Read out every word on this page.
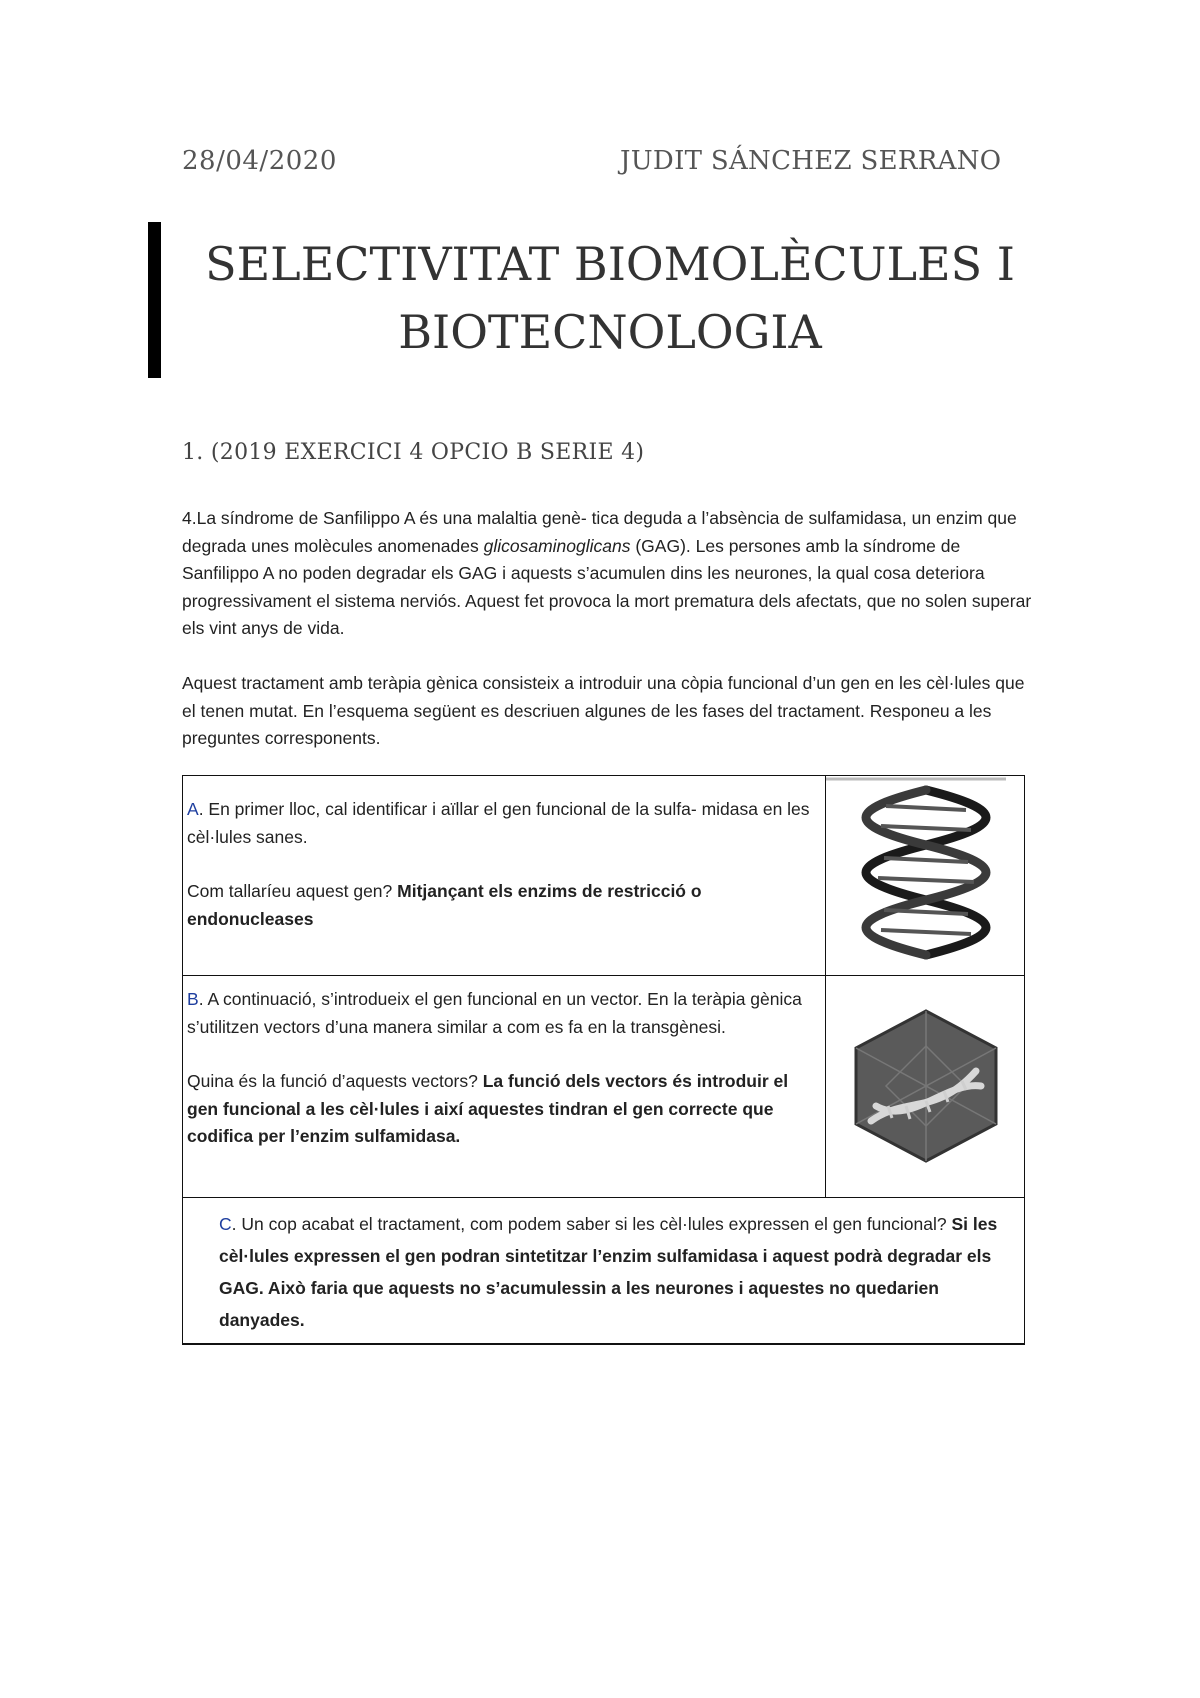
28/04/2020	JUDIT SÁNCHEZ SERRANO
SELECTIVITAT BIOMOLÈCULES I
BIOTECNOLOGIA
1. (2019 EXERCICI 4 OPCIO B SERIE 4)

4.La síndrome de Sanfilippo A és una malaltia genè- tica deguda a l’absència de sulfamidasa, un enzim que degrada unes molècules anomenades glicosaminoglicans (GAG). Les persones amb la síndrome de Sanfilippo A no poden degradar els GAG i aquests s’acumulen dins les neurones, la qual cosa deteriora progressivament el sistema nerviós. Aquest fet provoca la mort prematura dels afectats, que no solen superar els vint anys de vida.

Aquest tractament amb teràpia gènica consisteix a introduir una còpia funcional d’un gen en les cèl·lules que el tenen mutat. En l’esquema següent es descriuen algunes de les fases del tractament. Responeu a les preguntes corresponents.

A. En primer lloc, cal identificar i aïllar el gen funcional de la sulfa- midasa en les cèl·lules sanes.
Com tallaríeu aquest gen? Mitjançant els enzims de restricció o endonucleases
B. A continuació, s’introdueix el gen funcional en un vector. En la teràpia gènica s’utilitzen vectors d’una manera similar a com es fa en la transgènesi.
Quina és la funció d’aquests vectors? La funció dels vectors és introduir el gen funcional a les cèl·lules i així aquestes tindran el gen correcte que codifica per l’enzim sulfamidasa.
C. Un cop acabat el tractament, com podem saber si les cèl·lules expressen el gen funcional? Si les cèl·lules expressen el gen podran sintetitzar l’enzim sulfamidasa i aquest podrà degradar els GAG. Això faria que aquests no s’acumulessin a les neurones i aquestes no quedarien danyades.
